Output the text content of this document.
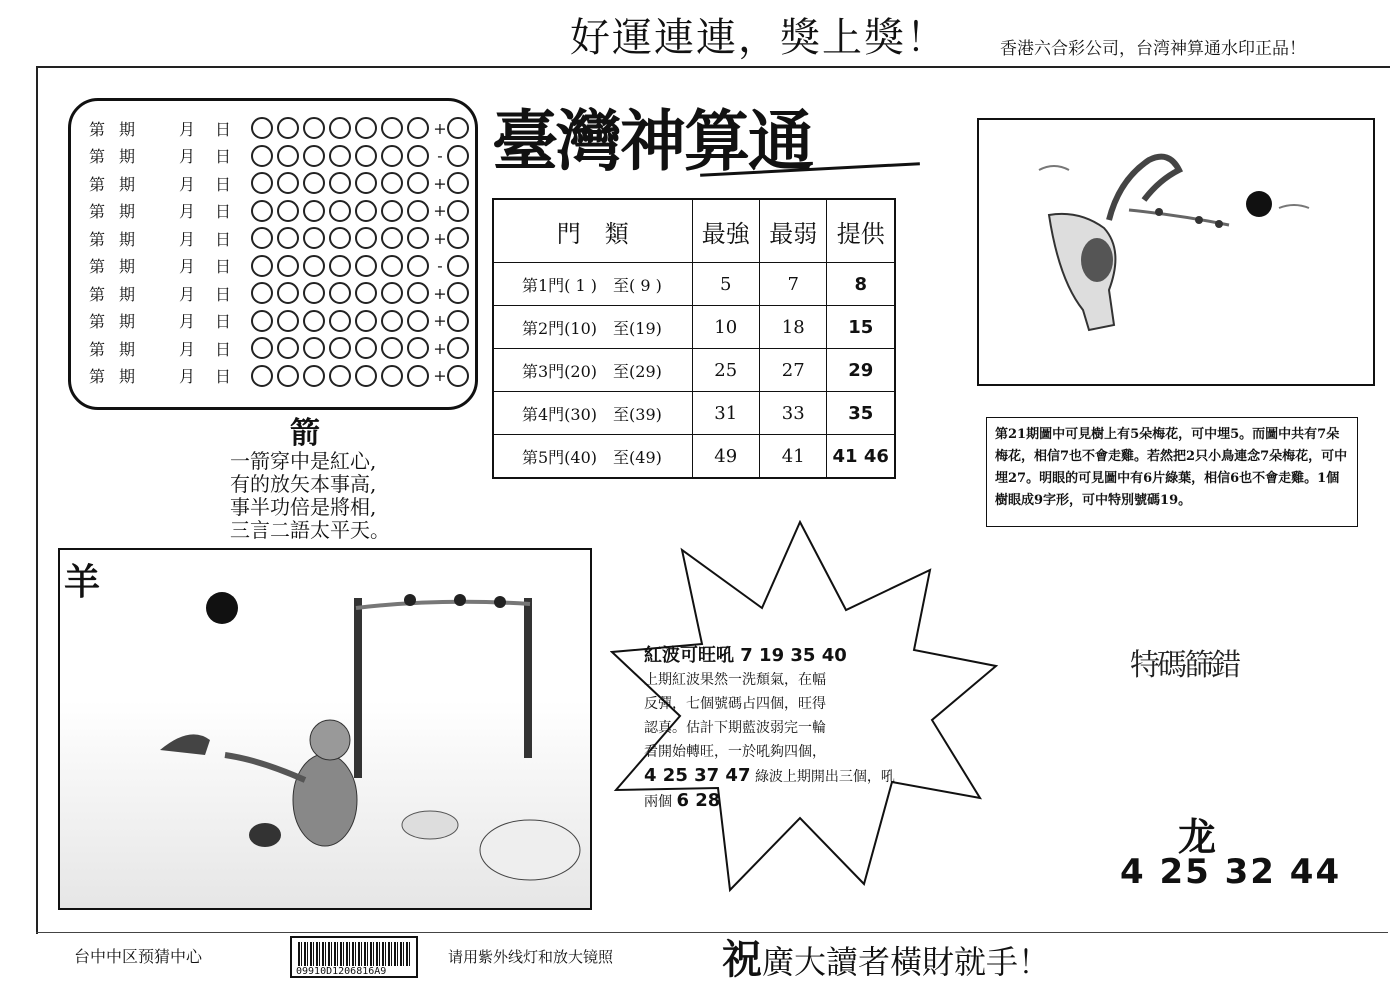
好運連連，獎上獎！	香港六合彩公司，台湾神算通水印正品！
第 期	月	日	+
第 期	月	日	-
第 期	月	日	+
第 期	月	日	+
第 期	月	日	+
第 期	月	日	-
第 期	月	日	+
第 期	月	日	+
第 期	月	日	+
第 期	月	日	+
臺灣神算通
門　類	最強	最弱	提供
第1門( 1 )　至( 9 )	5	7	8
第2門(10)　至(19)	10	18	15
第3門(20)　至(29)	25	27	29
第4門(30)　至(39)	31	33	35
第5門(40)　至(49)	49	41	41 46
箭
一箭穿中是紅心,
有的放矢本事高,
事半功倍是將相,
三言二語太平天。
第21期圖中可見樹上有5朵梅花，可中埋5。而圖中共有7朵梅花，相信7也不會走雞。若然把2只小鳥連念7朵梅花，可中埋27。明眼的可見圖中有6片綠葉，相信6也不會走雞。1個樹眼成9字形，可中特別號碼19。
羊
紅波可旺吼 7 19 35 40
上期紅波果然一洗頹氣，在幅
反彈，七個號碼占四個，旺得
認真。估計下期藍波弱完一輪
看開始轉旺，一於吼夠四個，
4 25 37 47 綠波上期開出三個，吼
兩個 6 28
特碼篩錯
龙
4 25 32 44
台中中区预猜中心
09910D1206816A9
请用紫外线灯和放大镜照	祝廣大讀者橫財就手！
